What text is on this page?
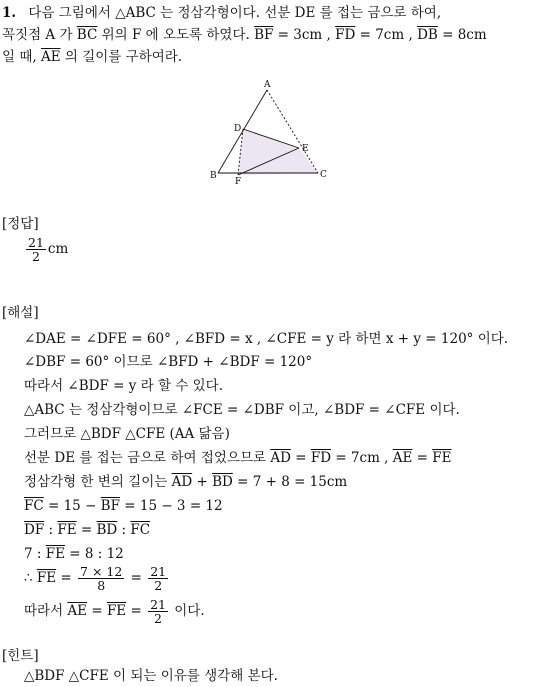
1. 다음 그림에서 △ABC 는 정삼각형이다. 선분 DE 를 접는 금으로 하여,
꼭짓점 A 가 $\overline{BC}$ 위의 F 에 오도록 하였다. $\overline{BF} = 3cm$ , $\overline{FD} = 7cm$ , $\overline{DB} = 8cm$
일 때, $\overline{AE}$ 의 길이를 구하여라.
A
B	C
D
E
F
[정답]
$\frac{21}{2}$ cm
[해설]
∠DAE = ∠DFE = 60° , ∠BFD = x , ∠CFE = y 라 하면 x + y = 120° 이다.
∠DBF = 60° 이므로 ∠BFD + ∠BDF = 120°
따라서 ∠BDF = y 라 할 수 있다.
△ABC 는 정삼각형이므로 ∠FCE = ∠DBF 이고, ∠BDF = ∠CFE 이다.
그러므로 △BDF △CFE (AA 닮음)
선분 DE 를 접는 금으로 하여 접었으므로 $\overline{AD} = \overline{FD} = 7cm$ , $\overline{AE} = \overline{FE}$
정삼각형 한 변의 길이는 $\overline{AD} + \overline{BD} = 7 + 8 = 15cm$
$\overline{FC} = 15 - \overline{BF} = 15 - 3 = 12$
$\overline{DF}$ : $\overline{FE} = \overline{BD}$ : $\overline{FC}$
7 : $\overline{FE} = 8$ : 12
∴ $\overline{FE} = \frac{7 \times 12}{8} = \frac{21}{2}$
따라서 $\overline{AE} = \overline{FE} = \frac{21}{2}$ 이다.
[힌트]
△BDF △CFE 이 되는 이유를 생각해 본다.
